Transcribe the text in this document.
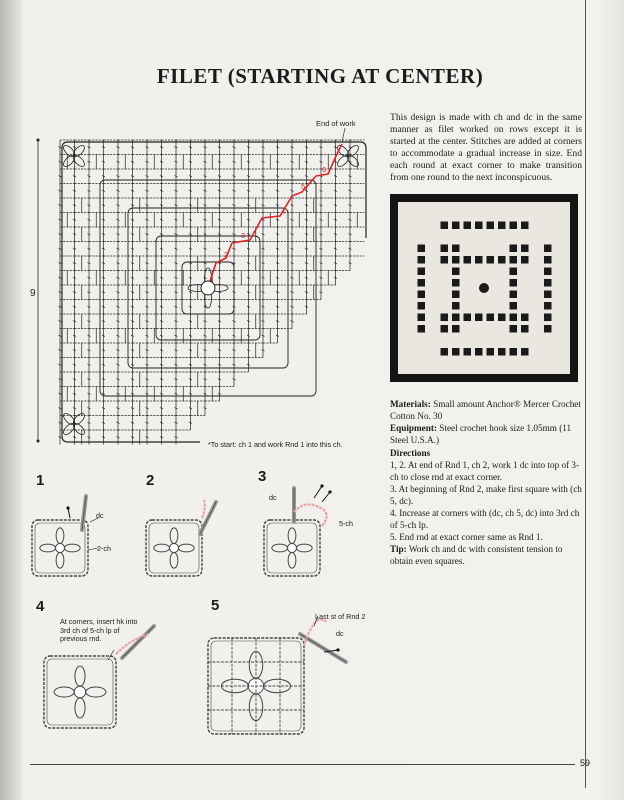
FILET (STARTING AT CENTER)
9
End of work
2
3
4
5
6
*To start: ch 1 and work Rnd 1 into this ch.
This design is made with ch and dc in the same manner as filet worked on rows except it is started at the center. Stitches are added at corners to accommodate a gradual increase in size. End each round at exact corner to make transition from one round to the next inconspicuous.

Materials: Small amount Anchor® Mercer Crochet Cotton No. 30

Equipment: Steel crochet hook size 1.05mm (11 Steel U.S.A.)

Directions

1, 2. At end of Rnd 1, ch 2, work 1 dc into top of 3-ch to close rnd at exact corner.

3. At beginning of Rnd 2, make first square with (ch 5, dc).

4. Increase at corners with (dc, ch 5, dc) into 3rd ch of 5-ch lp.

5. End rnd at exact corner same as Rnd 1.

Tip: Work ch and dc with consistent tension to obtain even squares.

1	2	3
4	5
dc
2-ch
dc
5-ch
At corners, insert hk into 3rd ch of 5-ch lp of previous rnd.
Last st of Rnd 2
dc
59
